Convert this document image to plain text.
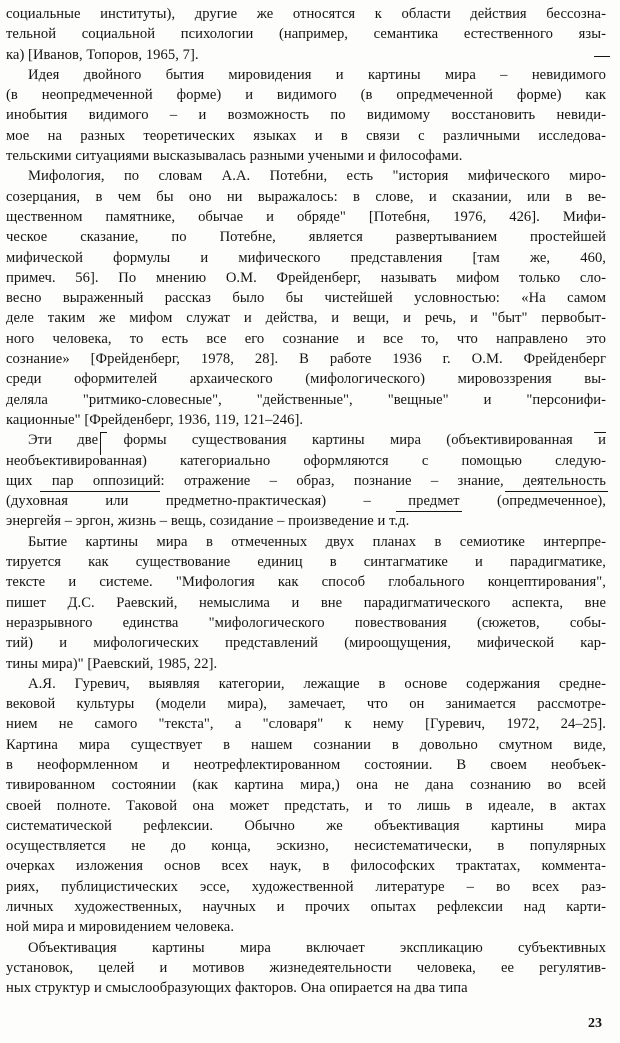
социальные институты), другие же относятся к области действия бессозна-
тельной социальной психологии (например, семантика естественного язы-
ка) [Иванов, Топоров, 1965, 7].
Идея двойного бытия мировидения и картины мира – невидимого
(в неопредмеченной форме) и видимого (в опредмеченной форме) как
инобытия видимого – и возможность по видимому восстановить невиди-
мое на разных теоретических языках и в связи с различными исследова-
тельскими ситуациями высказывалась разными учеными и философами.
Мифология, по словам А.А. Потебни, есть "история мифического миро-
созерцания, в чем бы оно ни выражалось: в слове, и сказании, или в ве-
щественном памятнике, обычае и обряде" [Потебня, 1976, 426]. Мифи-
ческое сказание, по Потебне, является развертыванием простейшей
мифической формулы и мифического представления [там же, 460,
примеч. 56]. По мнению О.М. Фрейденберг, называть мифом только сло-
весно выраженный рассказ было бы чистейшей условностью: «На самом
деле таким же мифом служат и действа, и вещи, и речь, и "быт" первобыт-
ного человека, то есть все его сознание и все то, что направлено это
сознание» [Фрейденберг, 1978, 28]. В работе 1936 г. О.М. Фрейденберг
среди оформителей архаического (мифологического) мировоззрения вы-
деляла "ритмико-словесные", "действенные", "вещные" и "персонифи-
кационные" [Фрейденберг, 1936, 119, 121–246].
Эти две формы существования картины мира (объективированная и
необъективированная) категориально оформляются с помощью следую-
щих пар оппозиций: отражение – образ, познание – знание, деятельность
(духовная или предметно-практическая) – предмет (опредмеченное),
энергейя – эргон, жизнь – вещь, созидание – произведение и т.д.
Бытие картины мира в отмеченных двух планах в семиотике интерпре-
тируется как существование единиц в синтагматике и парадигматике,
тексте и системе. "Мифология как способ глобального концептирования",
пишет Д.С. Раевский, немыслима и вне парадигматического аспекта, вне
неразрывного единства "мифологического повествования (сюжетов, собы-
тий) и мифологических представлений (мироощущения, мифической кар-
тины мира)" [Раевский, 1985, 22].
А.Я. Гуревич, выявляя категории, лежащие в основе содержания средне-
вековой культуры (модели мира), замечает, что он занимается рассмотре-
нием не самого "текста", а "словаря" к нему [Гуревич, 1972, 24–25].
Картина мира существует в нашем сознании в довольно смутном виде,
в неоформленном и неотрефлектированном состоянии. В своем необъек-
тивированном состоянии (как картина мира,) она не дана сознанию во всей
своей полноте. Таковой она может предстать, и то лишь в идеале, в актах
систематической рефлексии. Обычно же объективация картины мира
осуществляется не до конца, эскизно, несистематически, в популярных
очерках изложения основ всех наук, в философских трактатах, коммента-
риях, публицистических эссе, художественной литературе – во всех раз-
личных художественных, научных и прочих опытах рефлексии над карти-
ной мира и мировидением человека.
Объективация картины мира включает экспликацию субъективных
установок, целей и мотивов жизнедеятельности человека, ее регулятив-
ных структур и смыслообразующих факторов. Она опирается на два типа
23
